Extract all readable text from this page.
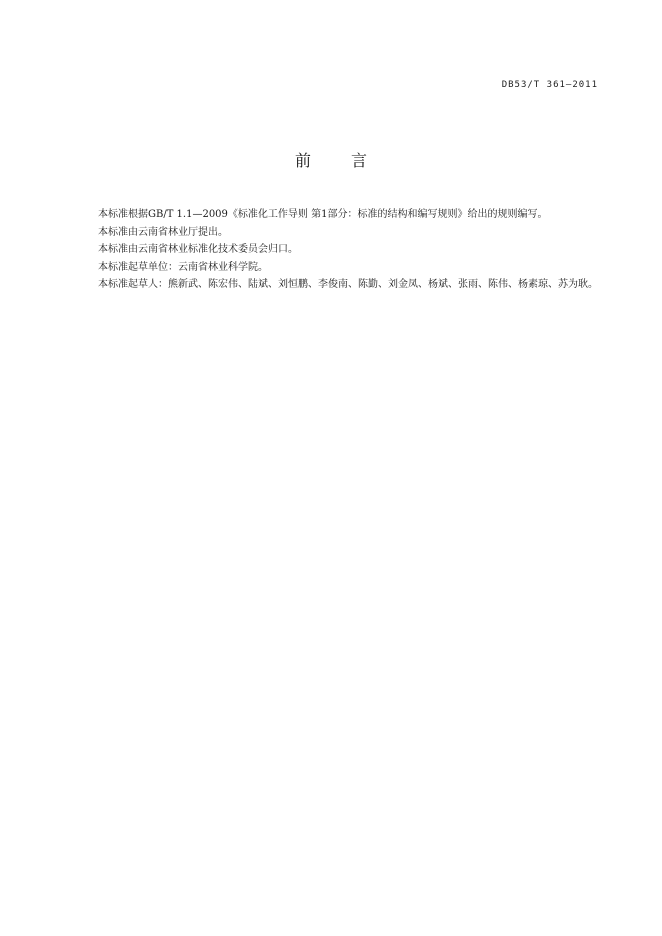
DB53/T 361—2011
前	言

本标准根据GB/T 1.1—2009《标准化工作导则 第1部分：标准的结构和编写规则》给出的规则编写。

本标准由云南省林业厅提出。

本标准由云南省林业标准化技术委员会归口。

本标准起草单位：云南省林业科学院。

本标准起草人：熊新武、陈宏伟、陆斌、刘恒鹏、李俊南、陈勤、刘金凤、杨斌、张雨、陈伟、杨素琼、苏为耿。
